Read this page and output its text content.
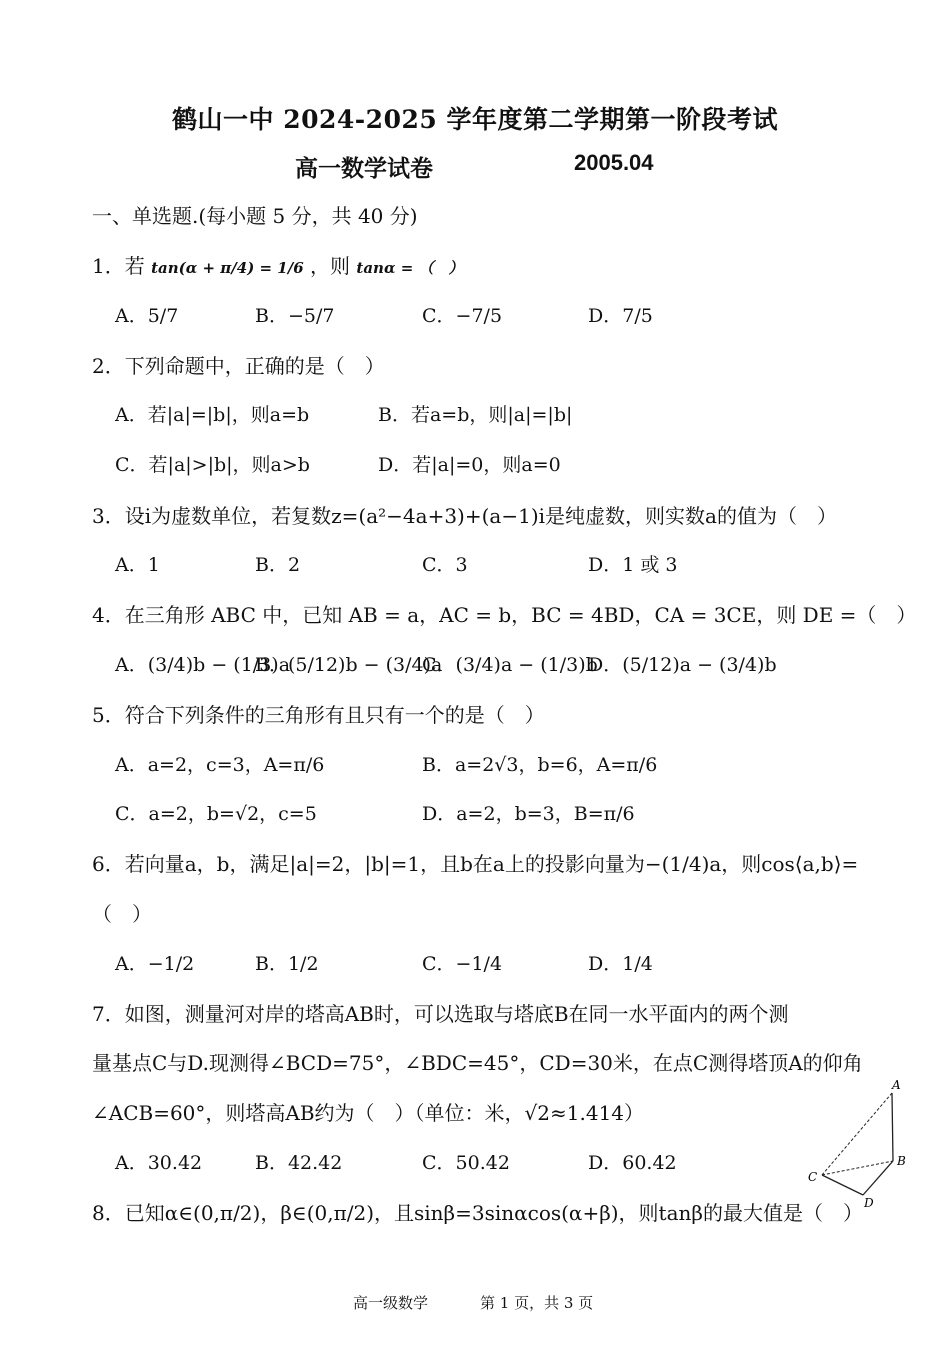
鹤山一中 2024-2025 学年度第二学期第一阶段考试
高一数学试卷	2005.04
一、单选题.(每小题 5 分，共 40 分)
1．若 tan(α + π/4) = 1/6 ，则 tanα = （　）
A．5/7	B．−5/7	C．−7/5	D．7/5
2．下列命题中，正确的是（　）
A．若|a|=|b|，则a=b	B．若a=b，则|a|=|b|
C．若|a|>|b|，则a>b	D．若|a|=0，则a=0
3．设i为虚数单位，若复数z=(a²−4a+3)+(a−1)i是纯虚数，则实数a的值为（　）
A．1	B．2	C．3	D．1 或 3
4．在三角形 ABC 中，已知 AB = a，AC = b，BC = 4BD，CA = 3CE，则 DE =（　）
A．(3/4)b − (1/3)a
B．(5/12)b − (3/4)a
C．(3/4)a − (1/3)b
D．(5/12)a − (3/4)b
5．符合下列条件的三角形有且只有一个的是（　）
A．a=2，c=3，A=π/6	B．a=2√3，b=6，A=π/6
C．a=2，b=√2，c=5	D．a=2，b=3，B=π/6
6．若向量a，b，满足|a|=2，|b|=1，且b在a上的投影向量为−(1/4)a，则cos⟨a,b⟩=
（　）
A．−1/2	B．1/2	C．−1/4	D．1/4
7．如图，测量河对岸的塔高AB时，可以选取与塔底B在同一水平面内的两个测
量基点C与D.现测得∠BCD=75°，∠BDC=45°，CD=30米，在点C测得塔顶A的仰角
∠ACB=60°，则塔高AB约为（　）（单位：米，√2≈1.414）
A．30.42	B．42.42	C．50.42	D．60.42
A
B
C
D
8．已知α∈(0,π/2)，β∈(0,π/2)，且sinβ=3sinαcos(α+β)，则tanβ的最大值是（　）
高一级数学	第 1 页，共 3 页
